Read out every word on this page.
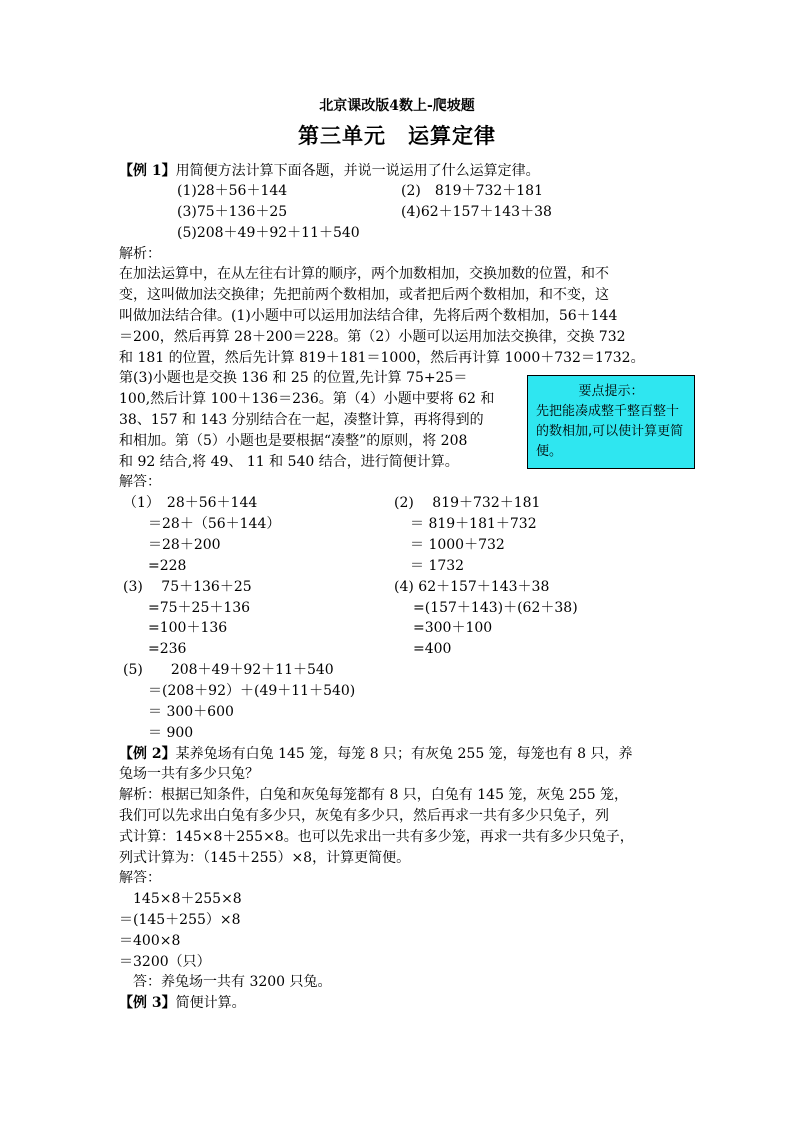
北京课改版4数上-爬坡题
第三单元　运算定律
【例 1】用简便方法计算下面各题，并说一说运用了什么运算定律。
(1)28＋56＋144	(2)　819＋732＋181
(3)75＋136＋25	(4)62＋157＋143＋38
(5)208＋49＋92＋11＋540
解析：
在加法运算中，在从左往右计算的顺序，两个加数相加，交换加数的位置，和不
变，这叫做加法交换律；先把前两个数相加，或者把后两个数相加，和不变，这
叫做加法结合律。(1)小题中可以运用加法结合律，先将后两个数相加，56＋144
＝200，然后再算 28＋200＝228。第（2）小题可以运用加法交换律，交换 732
和 181 的位置，然后先计算 819＋181＝1000，然后再计算 1000＋732＝1732。
第(3)小题也是交换 136 和 25 的位置,先计算 75+25＝
100,然后计算 100＋136＝236。第（4）小题中要将 62 和
38、157 和 143 分别结合在一起，凑整计算，再将得到的
和相加。第（5）小题也是要根据“凑整”的原则，将 208
和 92 结合,将 49、 11 和 540 结合，进行简便计算。
要点提示：
先把能凑成整千整百整十的数相加,可以使计算更简便。
解答：
（1）　28＋56＋144
＝28＋（56＋144）
＝28＋200
=228
(2)　 819＋732＋181
＝ 819＋181＋732
＝ 1000＋732
＝ 1732
(3)　 75＋136＋25
=75＋25＋136
=100＋136
=236
(4) 62＋157＋143＋38
=(157＋143)＋(62＋38)
=300＋100
=400
(5)　　208＋49＋92＋11＋540
＝(208＋92）＋(49＋11＋540)
＝ 300＋600
＝ 900
【例 2】某养兔场有白兔 145 笼，每笼 8 只；有灰兔 255 笼，每笼也有 8 只，养
兔场一共有多少只兔？
解析：根据已知条件，白兔和灰兔每笼都有 8 只，白兔有 145 笼，灰兔 255 笼，
我们可以先求出白兔有多少只，灰兔有多少只，然后再求一共有多少只兔子，列
式计算：145×8＋255×8。也可以先求出一共有多少笼，再求一共有多少只兔子，
列式计算为：（145＋255）×8，计算更简便。
解答：
　145×8＋255×8
＝(145＋255）×8
＝400×8
＝3200（只）
　答：养兔场一共有 3200 只兔。
【例 3】简便计算。
